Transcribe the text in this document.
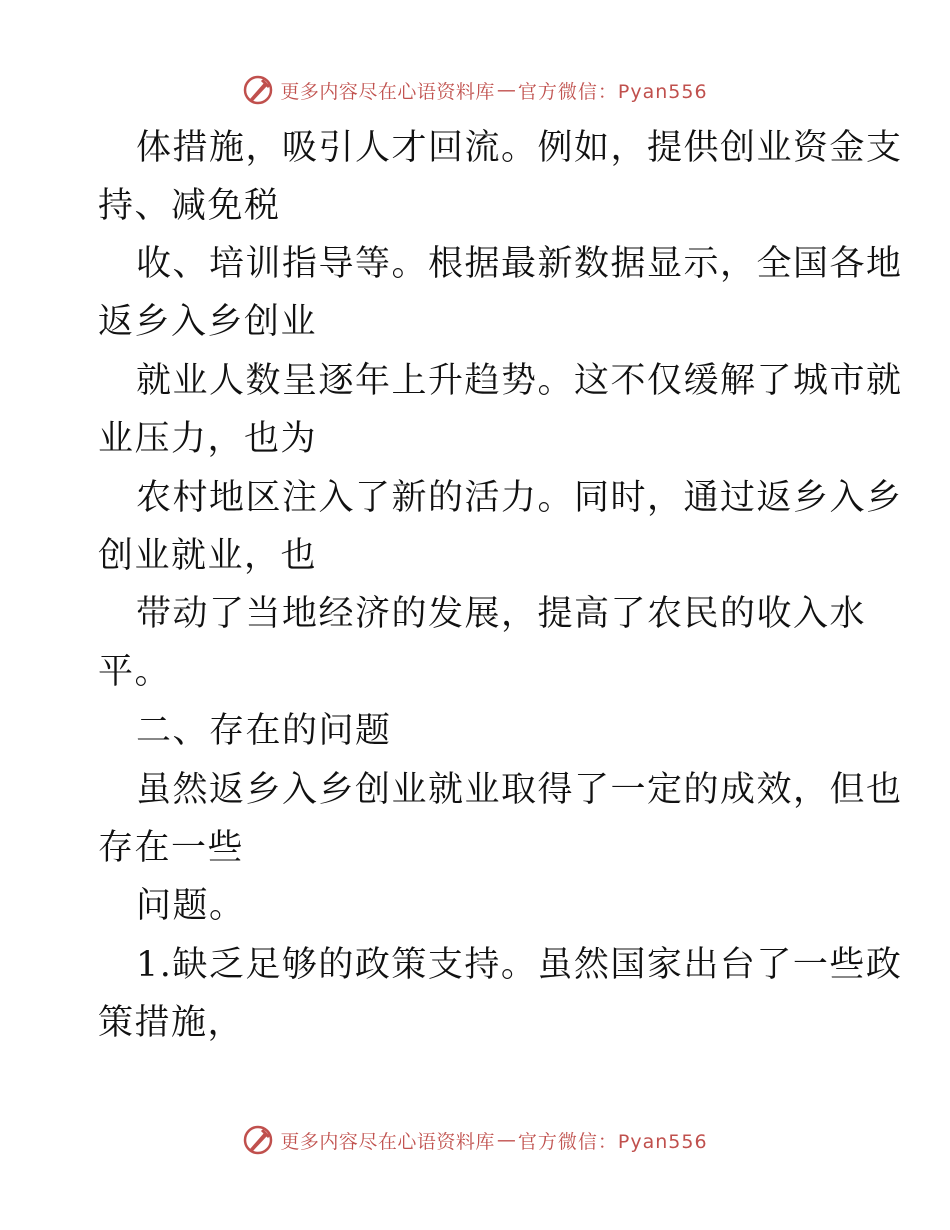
更多内容尽在心语资料库 — 官方微信：Pyan556
体措施，吸引人才回流。例如，提供创业资金支
持、减免税
收、培训指导等。根据最新数据显示，全国各地
返乡入乡创业
就业人数呈逐年上升趋势。这不仅缓解了城市就
业压力，也为
农村地区注入了新的活力。同时，通过返乡入乡
创业就业，也
带动了当地经济的发展，提高了农民的收入水
平。
二、存在的问题
虽然返乡入乡创业就业取得了一定的成效，但也
存在一些
问题。
1.缺乏足够的政策支持。虽然国家出台了一些政
策措施，
更多内容尽在心语资料库 — 官方微信：Pyan556
